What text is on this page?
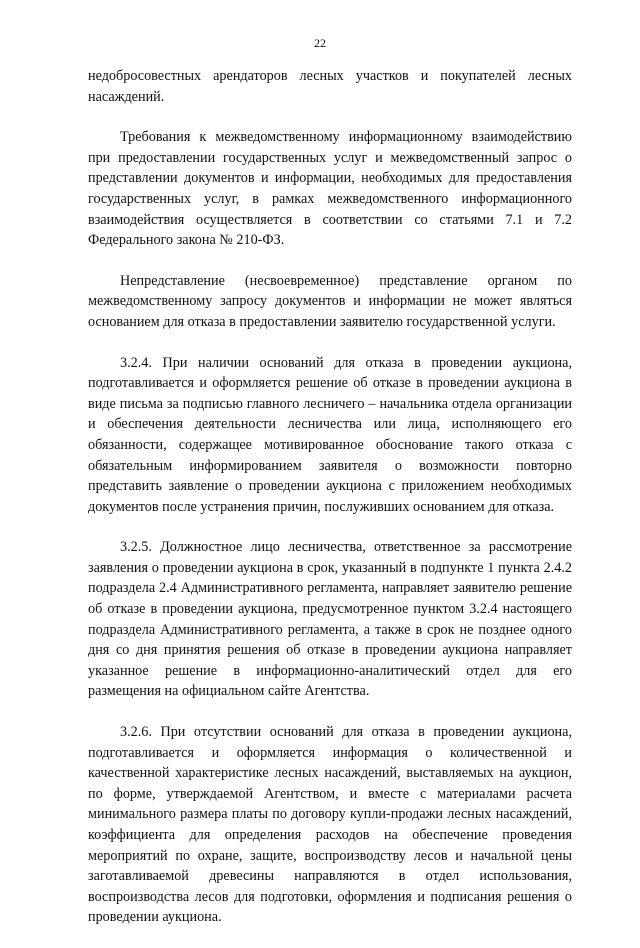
22

недобросовестных арендаторов лесных участков и покупателей лесных насаждений.

Требования к межведомственному информационному взаимодействию при предоставлении государственных услуг и межведомственный запрос о представлении документов и информации, необходимых для предоставления государственных услуг, в рамках межведомственного информационного взаимодействия осуществляется в соответствии со статьями 7.1 и 7.2 Федерального закона № 210-ФЗ.

Непредставление (несвоевременное) представление органом по межведомственному запросу документов и информации не может являться основанием для отказа в предоставлении заявителю государственной услуги.

3.2.4. При наличии оснований для отказа в проведении аукциона, подготавливается и оформляется решение об отказе в проведении аукциона в виде письма за подписью главного лесничего – начальника отдела организации и обеспечения деятельности лесничества или лица, исполняющего его обязанности, содержащее мотивированное обоснование такого отказа с обязательным информированием заявителя о возможности повторно представить заявление о проведении аукциона с приложением необходимых документов после устранения причин, послуживших основанием для отказа.

3.2.5. Должностное лицо лесничества, ответственное за рассмотрение заявления о проведении аукциона в срок, указанный в подпункте 1 пункта 2.4.2 подраздела 2.4 Административного регламента, направляет заявителю решение об отказе в проведении аукциона, предусмотренное пунктом 3.2.4 настоящего подраздела Административного регламента, а также в срок не позднее одного дня со дня принятия решения об отказе в проведении аукциона направляет указанное решение в информационно-аналитический отдел для его размещения на официальном сайте Агентства.

3.2.6. При отсутствии оснований для отказа в проведении аукциона, подготавливается и оформляется информация о количественной и качественной характеристике лесных насаждений, выставляемых на аукцион, по форме, утверждаемой Агентством, и вместе с материалами расчета минимального размера платы по договору купли-продажи лесных насаждений, коэффициента для определения расходов на обеспечение проведения мероприятий по охране, защите, воспроизводству лесов и начальной цены заготавливаемой древесины направляются в отдел использования, воспроизводства лесов для подготовки, оформления и подписания решения о проведении аукциона.
